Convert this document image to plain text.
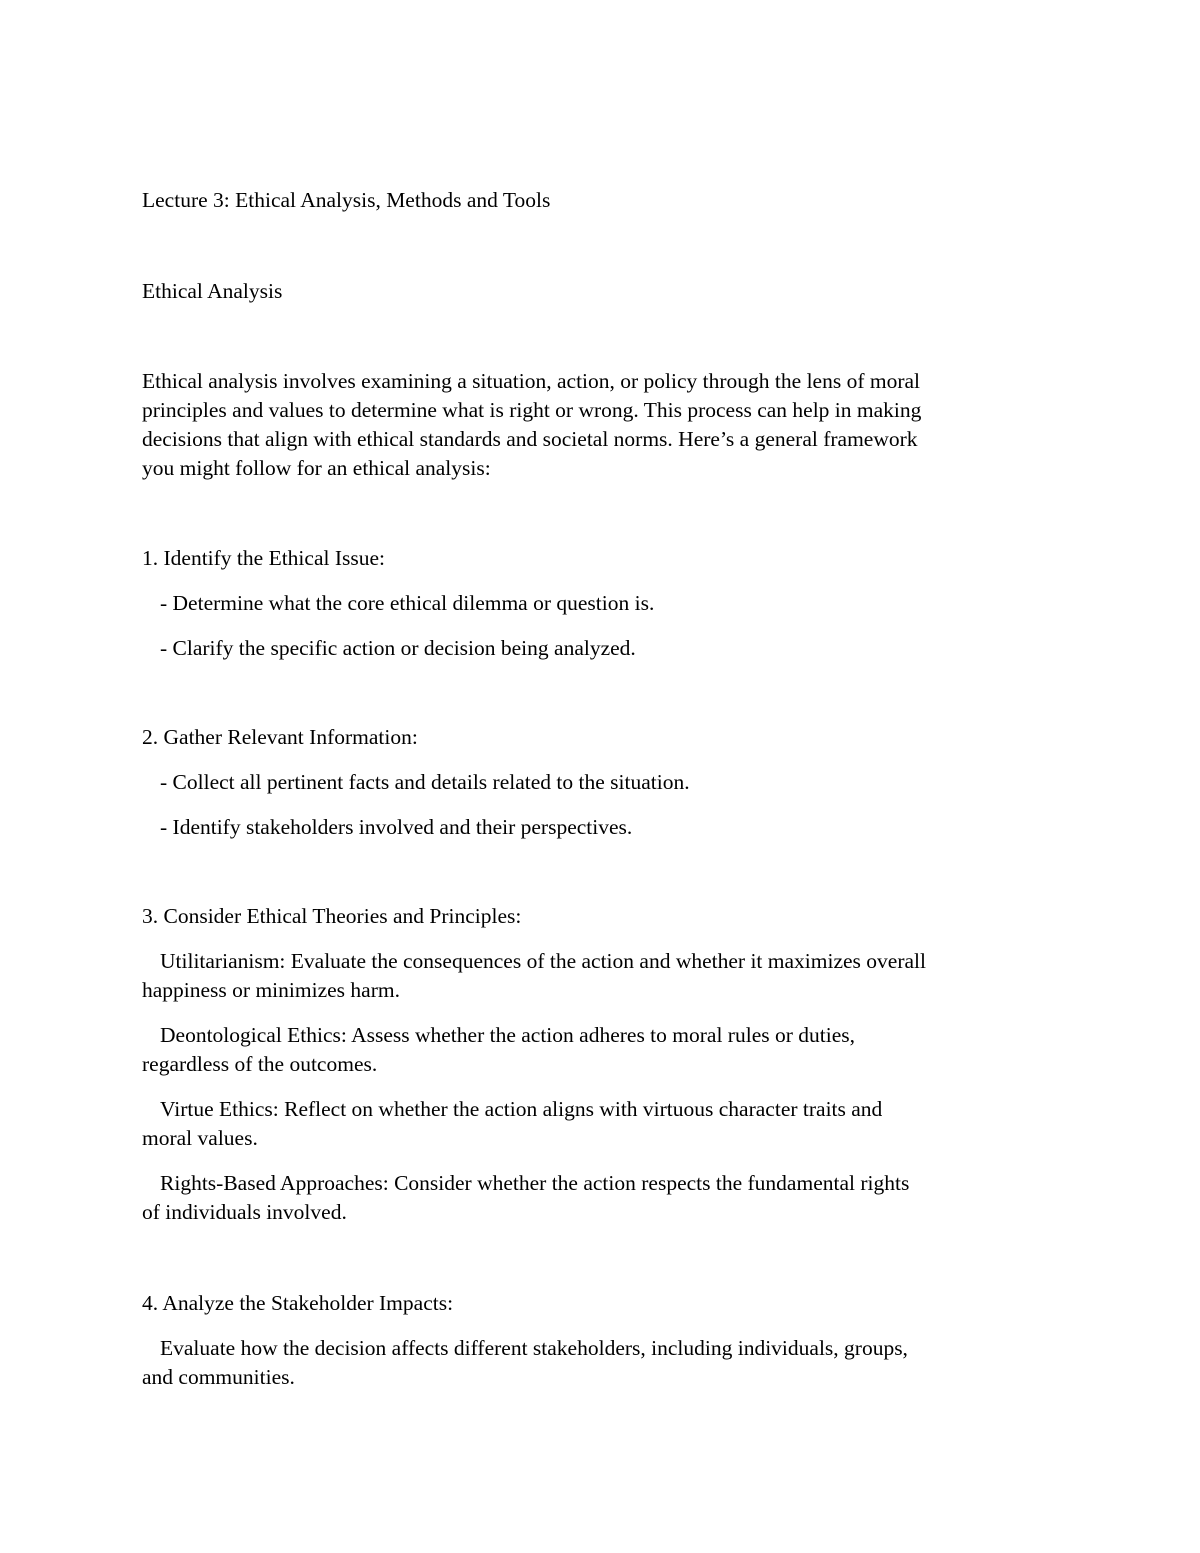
Lecture 3: Ethical Analysis, Methods and Tools
Ethical Analysis
Ethical analysis involves examining a situation, action, or policy through the lens of moral
principles and values to determine what is right or wrong. This process can help in making
decisions that align with ethical standards and societal norms. Here’s a general framework
you might follow for an ethical analysis:
1. Identify the Ethical Issue:
- Determine what the core ethical dilemma or question is.
- Clarify the specific action or decision being analyzed.
2. Gather Relevant Information:
- Collect all pertinent facts and details related to the situation.
- Identify stakeholders involved and their perspectives.
3. Consider Ethical Theories and Principles:
Utilitarianism: Evaluate the consequences of the action and whether it maximizes overall
happiness or minimizes harm.
Deontological Ethics: Assess whether the action adheres to moral rules or duties,
regardless of the outcomes.
Virtue Ethics: Reflect on whether the action aligns with virtuous character traits and
moral values.
Rights-Based Approaches: Consider whether the action respects the fundamental rights
of individuals involved.
4. Analyze the Stakeholder Impacts:
Evaluate how the decision affects different stakeholders, including individuals, groups,
and communities.
